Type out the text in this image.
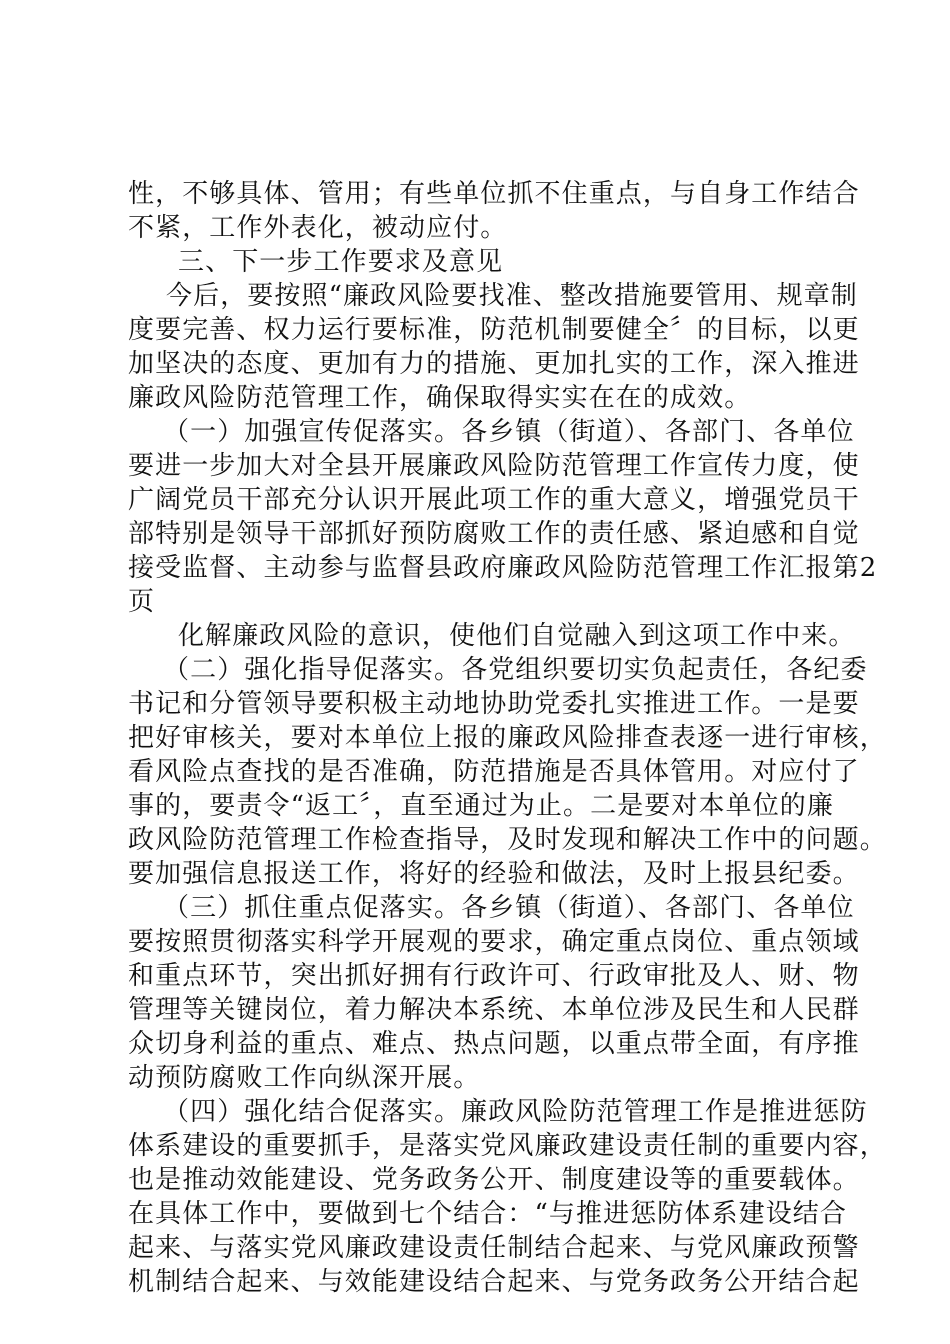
性，不够具体、管用；有些单位抓不住重点，与自身工作结合
不紧，工作外表化，被动应付。
三、下一步工作要求及意见
今后，要按照“廉政风险要找准、整改措施要管用、规章制
度要完善、权力运行要标准，防范机制要健全〞的目标，以更
加坚决的态度、更加有力的措施、更加扎实的工作，深入推进
廉政风险防范管理工作，确保取得实实在在的成效。
（一）加强宣传促落实。各乡镇（街道）、各部门、各单位
要进一步加大对全县开展廉政风险防范管理工作宣传力度，使
广阔党员干部充分认识开展此项工作的重大意义，增强党员干
部特别是领导干部抓好预防腐败工作的责任感、紧迫感和自觉
接受监督、主动参与监督县政府廉政风险防范管理工作汇报第2
页
化解廉政风险的意识，使他们自觉融入到这项工作中来。
（二）强化指导促落实。各党组织要切实负起责任，各纪委
书记和分管领导要积极主动地协助党委扎实推进工作。一是要
把好审核关，要对本单位上报的廉政风险排查表逐一进行审核，
看风险点查找的是否准确，防范措施是否具体管用。对应付了
事的，要责令“返工〞，直至通过为止。二是要对本单位的廉
政风险防范管理工作检查指导，及时发现和解决工作中的问题。
要加强信息报送工作，将好的经验和做法，及时上报县纪委。
（三）抓住重点促落实。各乡镇（街道）、各部门、各单位
要按照贯彻落实科学开展观的要求，确定重点岗位、重点领域
和重点环节，突出抓好拥有行政许可、行政审批及人、财、物
管理等关键岗位，着力解决本系统、本单位涉及民生和人民群
众切身利益的重点、难点、热点问题，以重点带全面，有序推
动预防腐败工作向纵深开展。
（四）强化结合促落实。廉政风险防范管理工作是推进惩防
体系建设的重要抓手，是落实党风廉政建设责任制的重要内容，
也是推动效能建设、党务政务公开、制度建设等的重要载体。
在具体工作中，要做到七个结合：“与推进惩防体系建设结合
起来、与落实党风廉政建设责任制结合起来、与党风廉政预警
机制结合起来、与效能建设结合起来、与党务政务公开结合起
